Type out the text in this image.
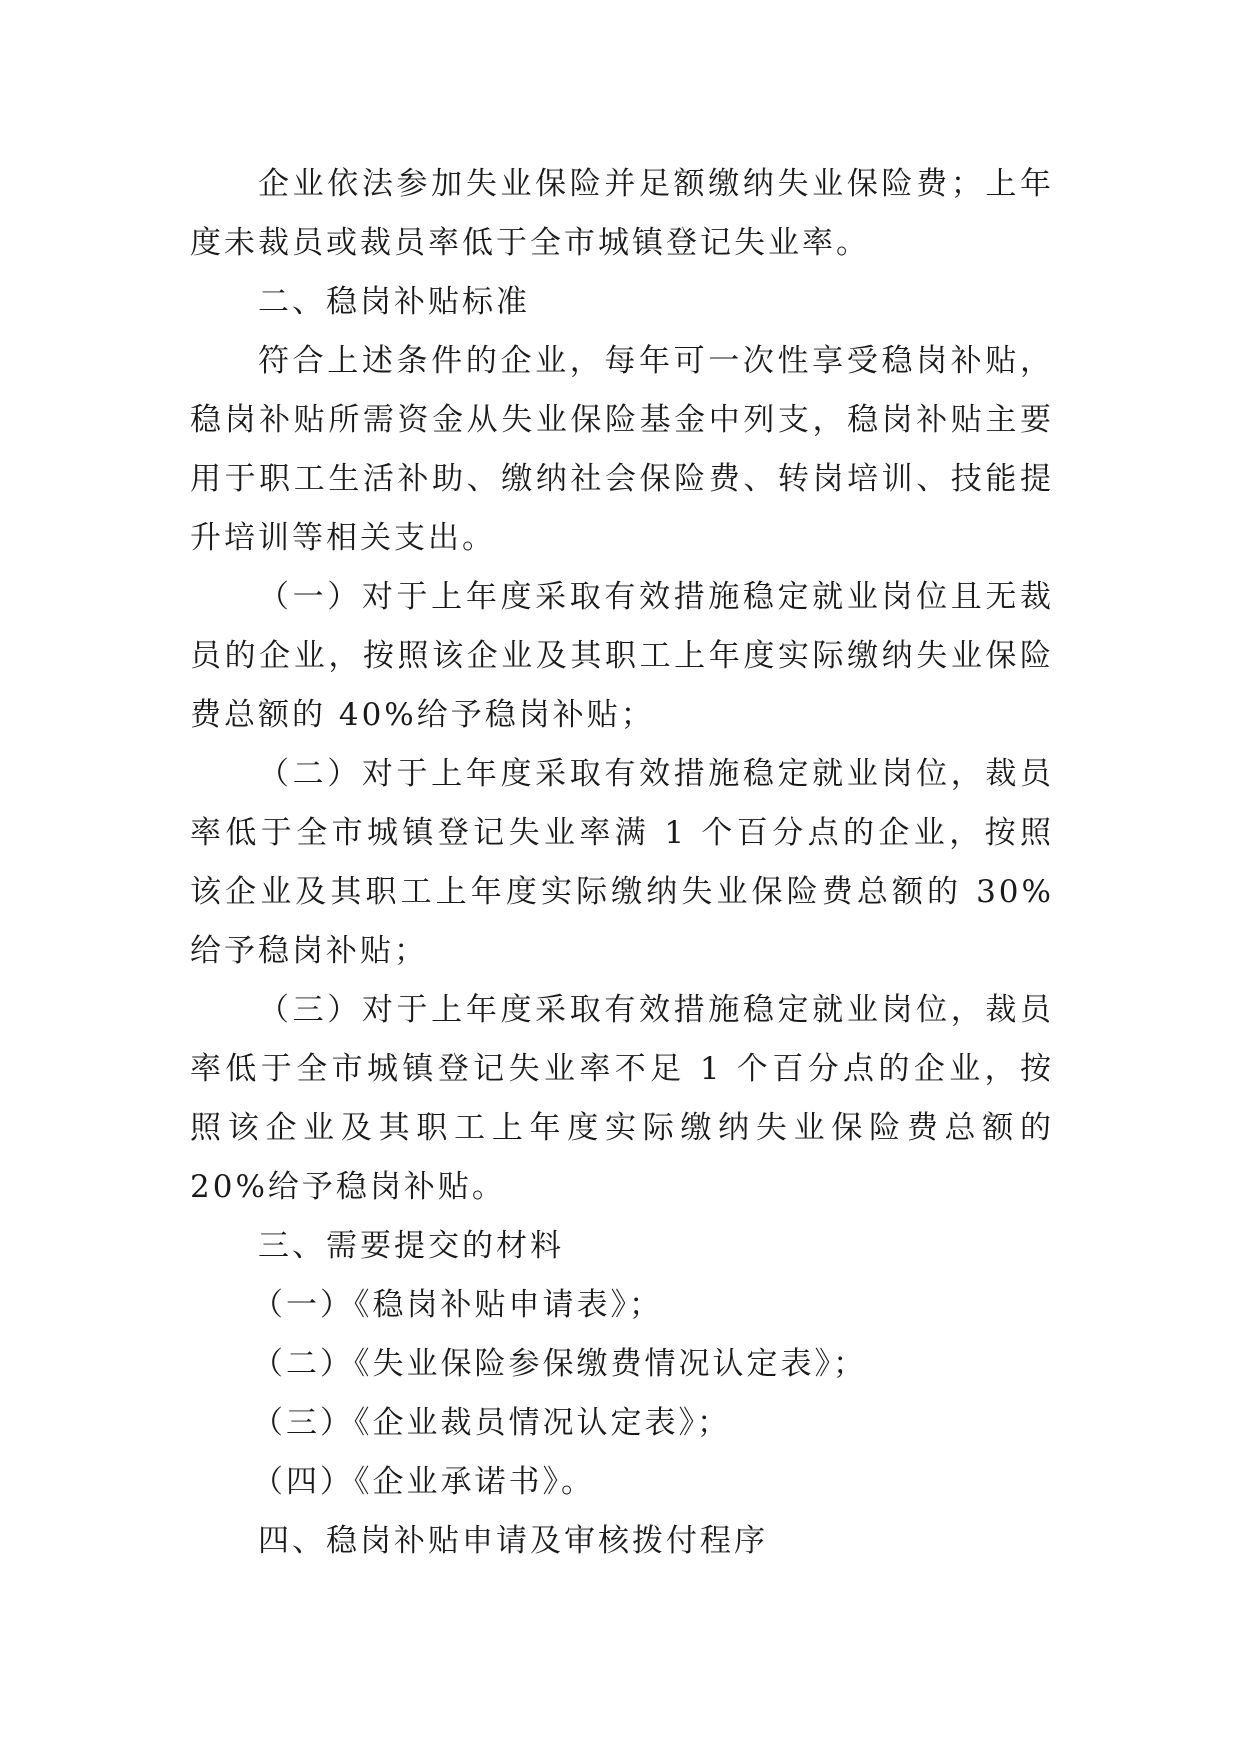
企业依法参加失业保险并足额缴纳失业保险费；上年度未裁员或裁员率低于全市城镇登记失业率。

二、稳岗补贴标准

符合上述条件的企业，每年可一次性享受稳岗补贴，稳岗补贴所需资金从失业保险基金中列支，稳岗补贴主要用于职工生活补助、缴纳社会保险费、转岗培训、技能提升培训等相关支出。

（一）对于上年度采取有效措施稳定就业岗位且无裁员的企业，按照该企业及其职工上年度实际缴纳失业保险费总额的 40%给予稳岗补贴；

（二）对于上年度采取有效措施稳定就业岗位，裁员率低于全市城镇登记失业率满 1 个百分点的企业，按照该企业及其职工上年度实际缴纳失业保险费总额的 30%给予稳岗补贴；

（三）对于上年度采取有效措施稳定就业岗位，裁员率低于全市城镇登记失业率不足 1 个百分点的企业，按照该企业及其职工上年度实际缴纳失业保险费总额的 20%给予稳岗补贴。

三、需要提交的材料

（一）《稳岗补贴申请表》；

（二）《失业保险参保缴费情况认定表》；

（三）《企业裁员情况认定表》；

（四）《企业承诺书》。

四、稳岗补贴申请及审核拨付程序
